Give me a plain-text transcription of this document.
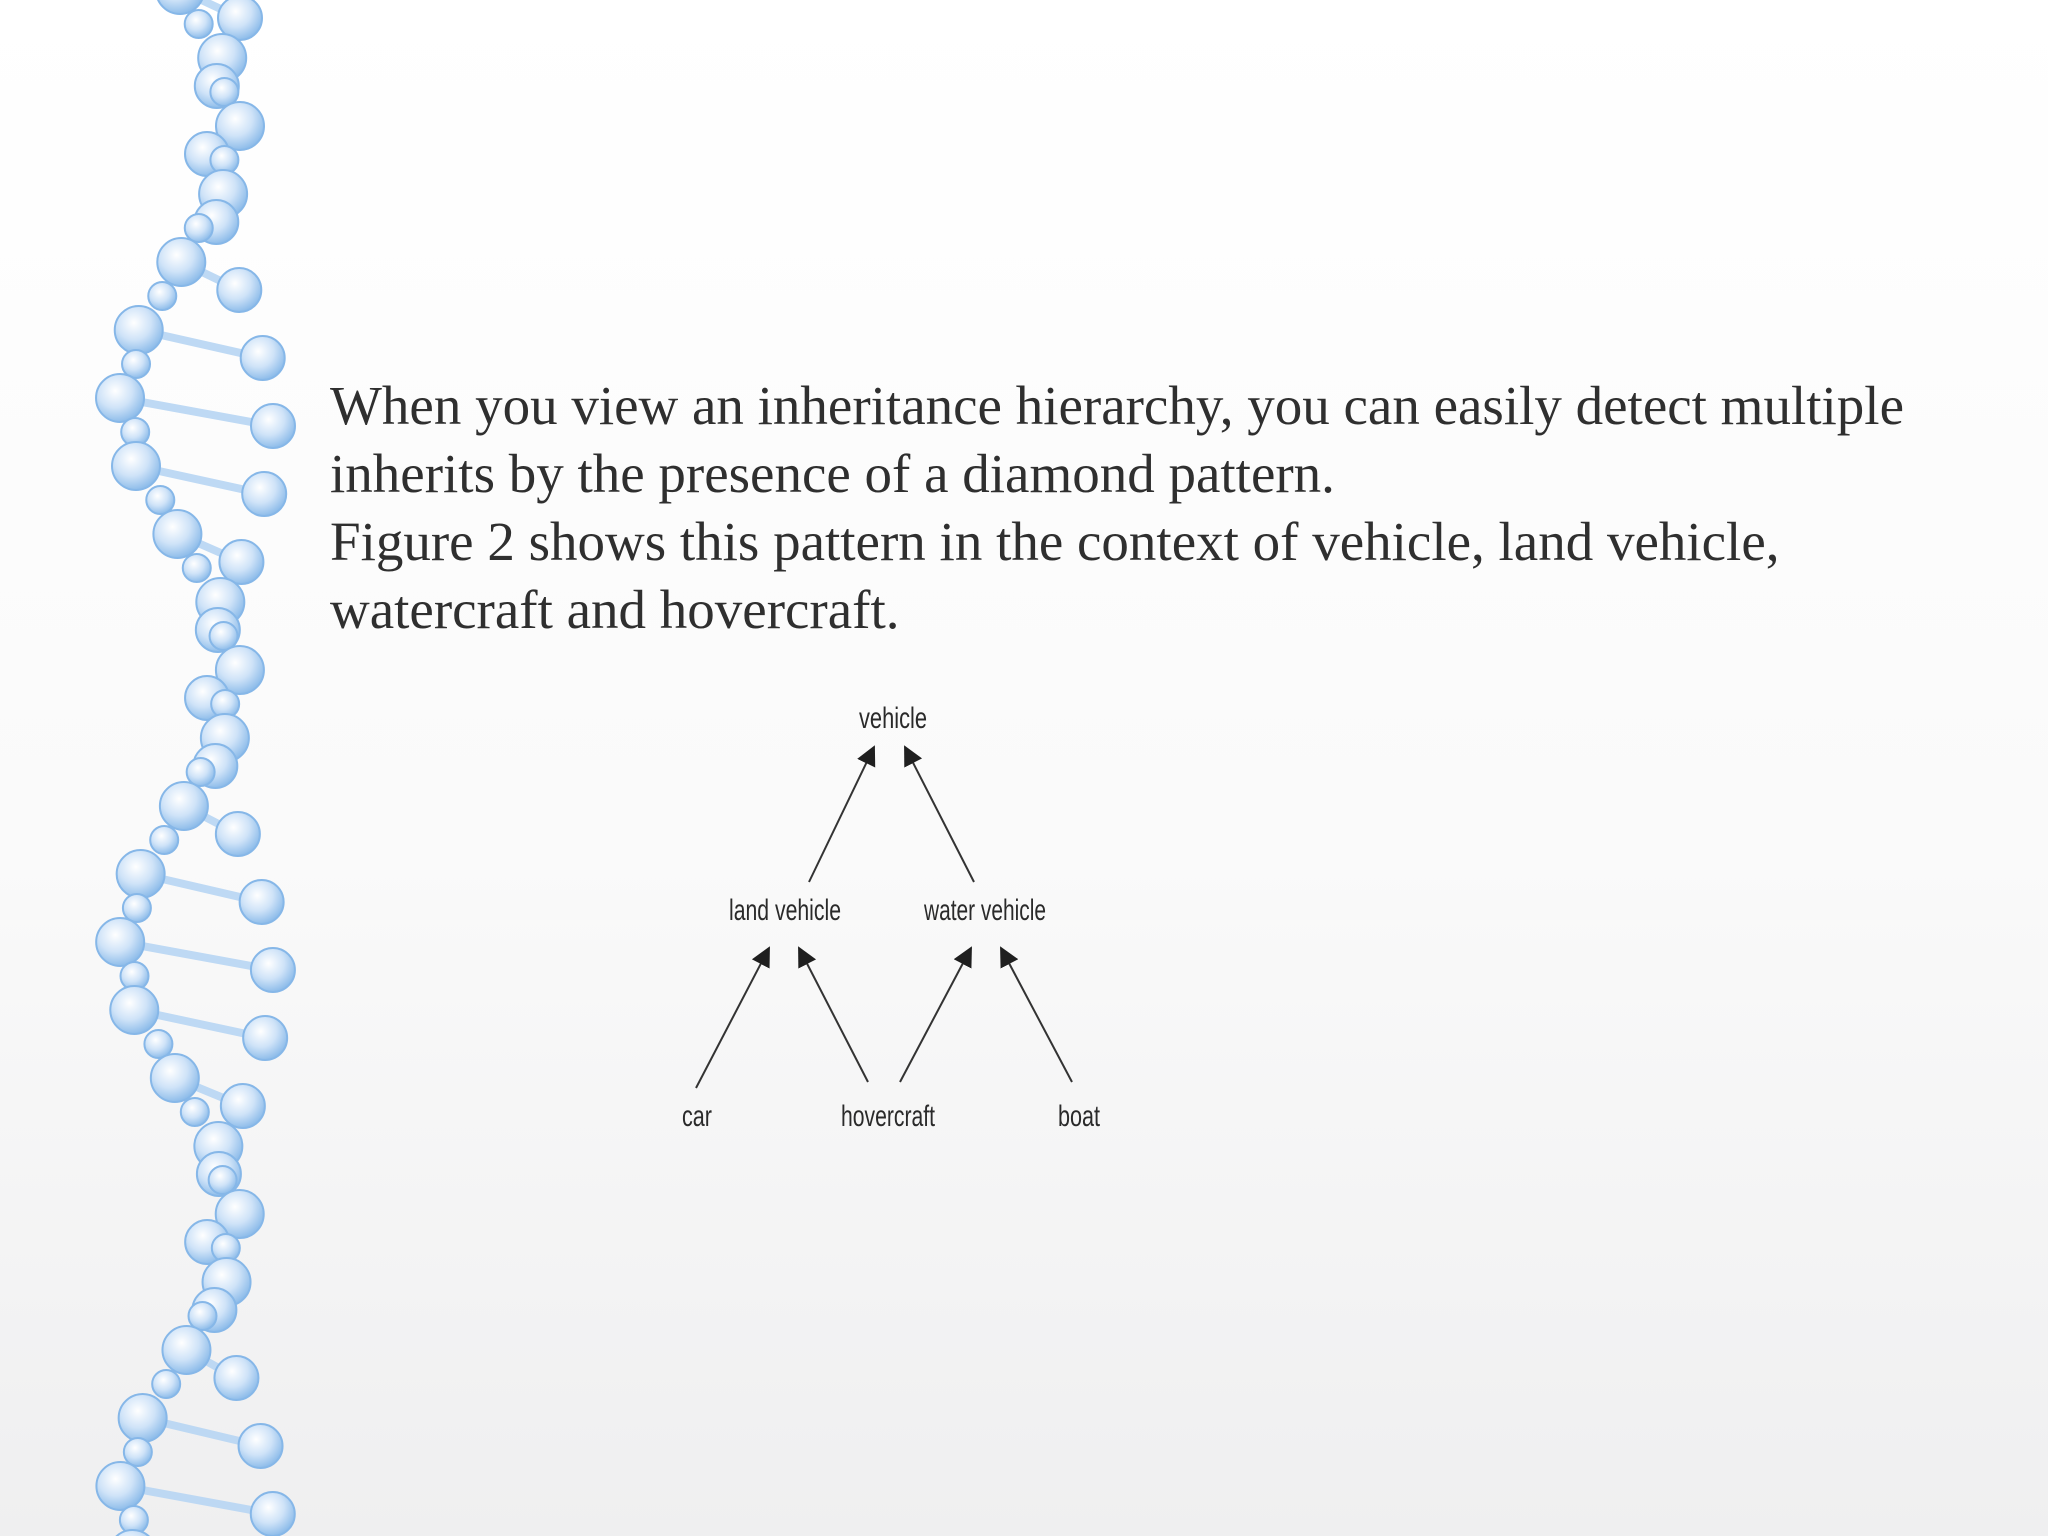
When you view an inheritance hierarchy, you can easily detect multiple inherits by the presence of a diamond pattern.

Figure 2 shows this pattern in the context of vehicle, land vehicle, watercraft and hovercraft.

vehicle
land vehicle	water vehicle
car	hovercraft	boat
